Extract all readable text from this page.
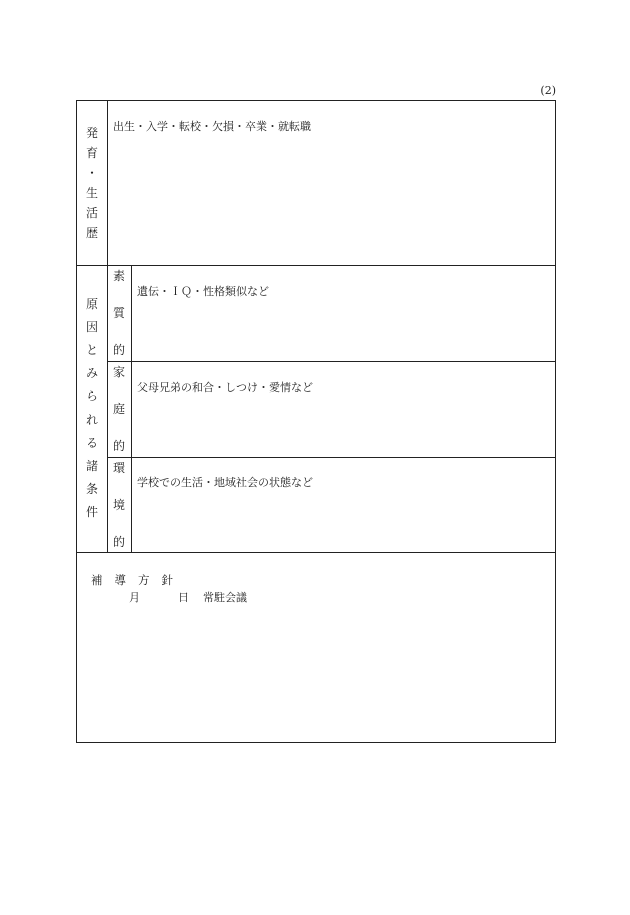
(2)
発
育
・
生
活
歴
出生・入学・転校・欠損・卒業・就転職
原
因
と
み
ら
れ
る
諸
条
件
素
質
的
遺伝・ＩＱ・性格類似など
家
庭
的
父母兄弟の和合・しつけ・愛情など
環
境
的
学校での生活・地域社会の状態など
補 導 方 針
月	日 常駐会議
